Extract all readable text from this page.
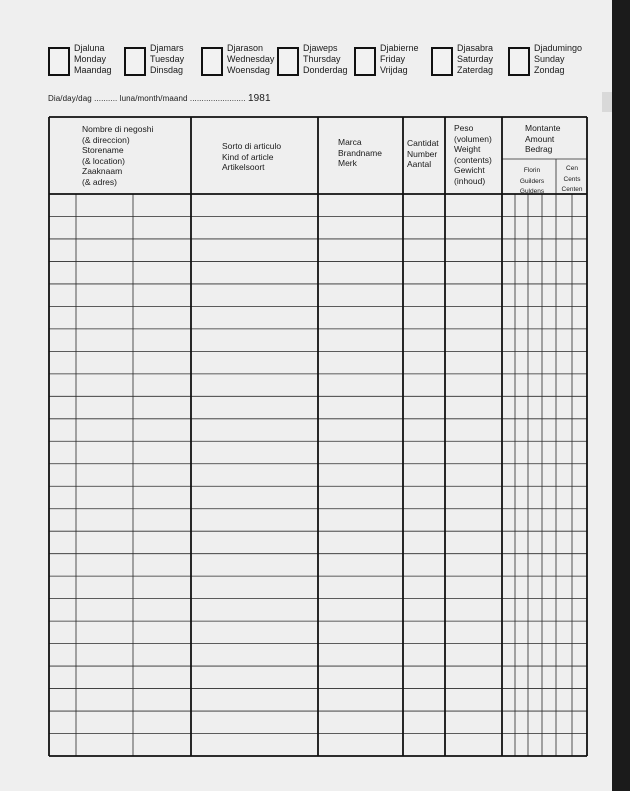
Djaluna
Monday
Maandag
Djamars
Tuesday
Dinsdag
Djarason
Wednesday
Woensdag
Djaweps
Thursday
Donderdag
Djabierne
Friday
Vrijdag
Djasabra
Saturday
Zaterdag
Djadumingo
Sunday
Zondag
Dia/day/dag .......... luna/month/maand ........................ 1981
Nombre di negoshi
(& direccion)
Storename
(& location)
Zaaknaam
(& adres)
Sorto di articulo
Kind of article
Artikelsoort
Marca
Brandname
Merk
Cantidat
Number
Aantal
Peso
(volumen)
Weight
(contents)
Gewicht
(inhoud)
Montante
Amount
Bedrag
Florin
Guilders
Guldens
Cen
Cents
Centen
